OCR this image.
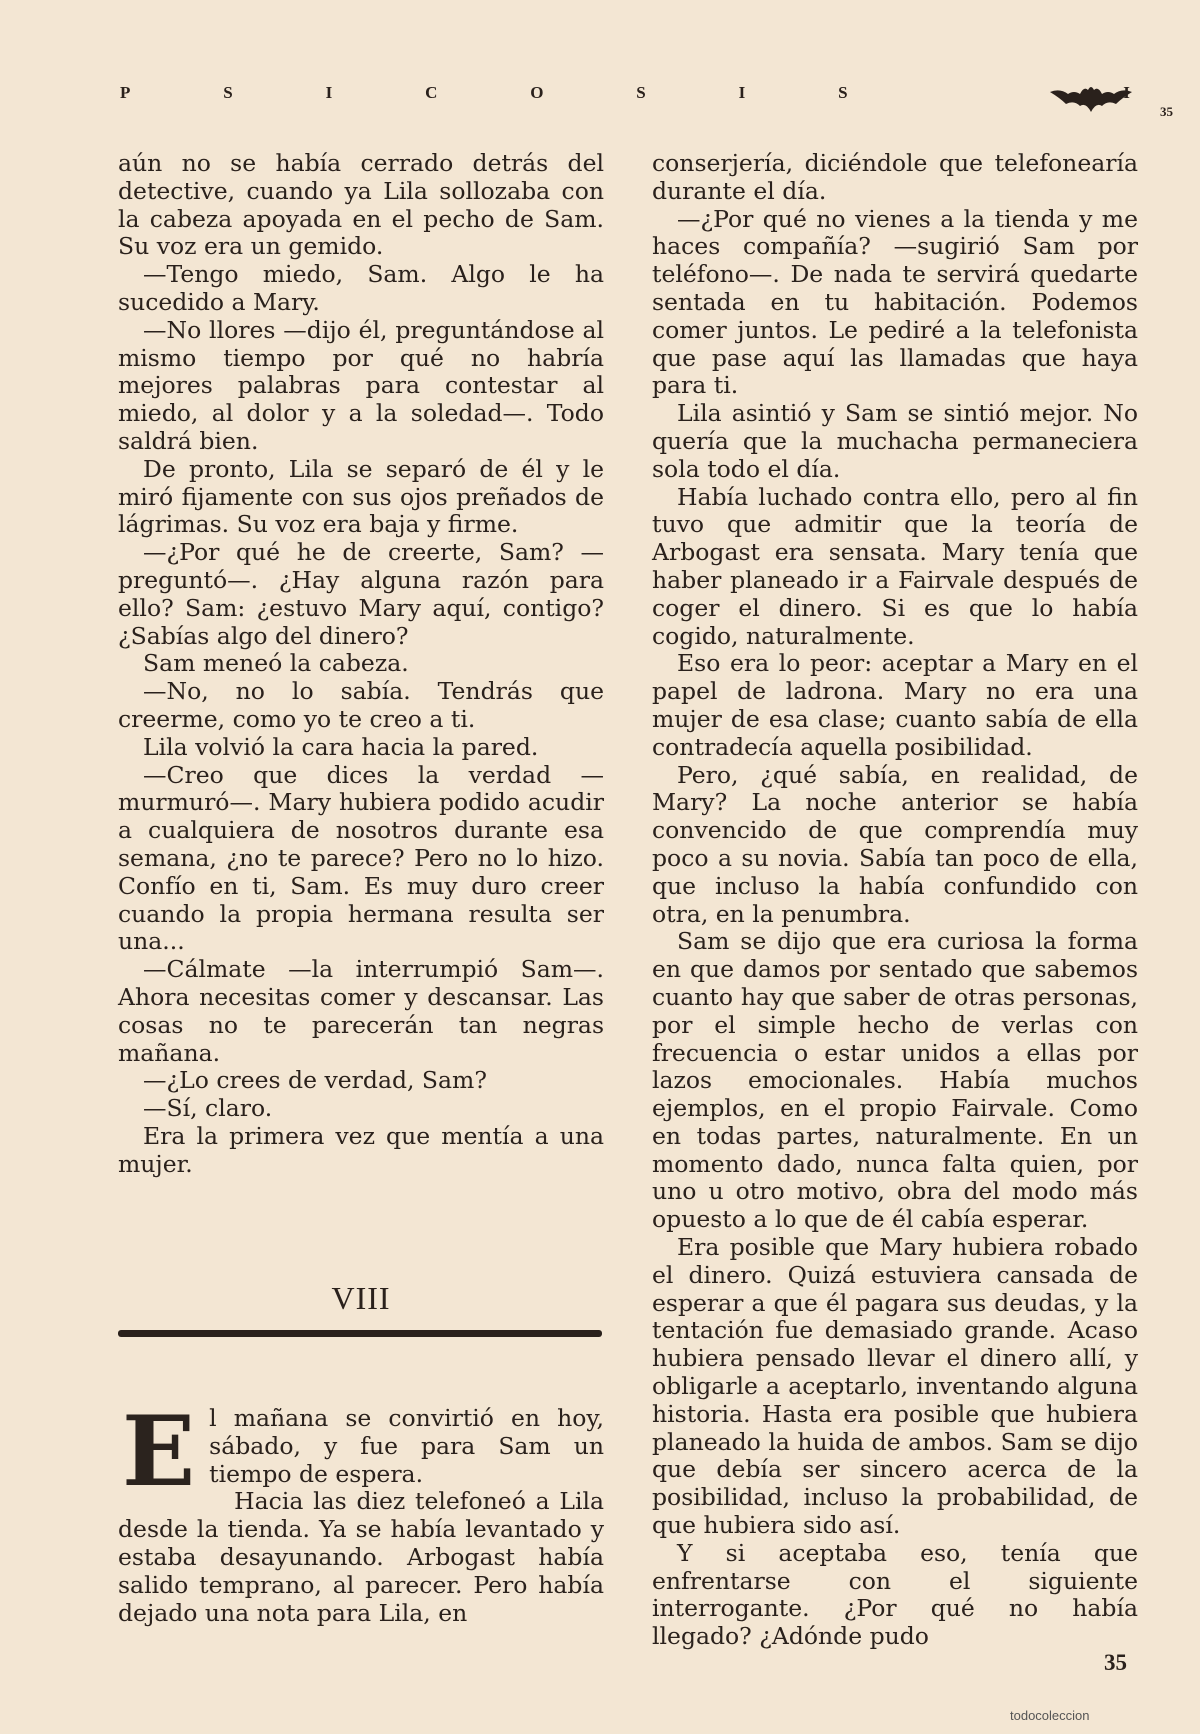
P	S	I	C	O	S	I	S
35

aún no se había cerrado detrás del detective, cuando ya Lila sollozaba con la cabeza apoyada en el pecho de Sam. Su voz era un gemido.

—Tengo miedo, Sam. Algo le ha sucedido a Mary.

—No llores —dijo él, preguntándose al mismo tiempo por qué no habría mejores palabras para contestar al miedo, al dolor y a la soledad—. Todo saldrá bien.

De pronto, Lila se separó de él y le miró fijamente con sus ojos preñados de lágrimas. Su voz era baja y firme.

—¿Por qué he de creerte, Sam? —preguntó—. ¿Hay alguna razón para ello? Sam: ¿estuvo Mary aquí, contigo? ¿Sabías algo del dinero?

Sam meneó la cabeza.

—No, no lo sabía. Tendrás que creerme, como yo te creo a ti.

Lila volvió la cara hacia la pared.

—Creo que dices la verdad —murmuró—. Mary hubiera podido acudir a cualquiera de nosotros durante esa semana, ¿no te parece? Pero no lo hizo. Confío en ti, Sam. Es muy duro creer cuando la propia hermana resulta ser una...

—Cálmate —la interrumpió Sam—. Ahora necesitas comer y descansar. Las cosas no te parecerán tan negras mañana.

—¿Lo crees de verdad, Sam?

—Sí, claro.

Era la primera vez que mentía a una mujer.

VIII
E l mañana se convirtió en hoy, sábado, y fue para Sam un tiempo de espera.

Hacia las diez telefoneó a Lila desde la tienda. Ya se había levantado y estaba desayunando. Arbogast había salido temprano, al parecer. Pero había dejado una nota para Lila, en

conserjería, diciéndole que telefonearía durante el día.

—¿Por qué no vienes a la tienda y me haces compañía? —sugirió Sam por teléfono—. De nada te servirá quedarte sentada en tu habitación. Podemos comer juntos. Le pediré a la telefonista que pase aquí las llamadas que haya para ti.

Lila asintió y Sam se sintió mejor. No quería que la muchacha permaneciera sola todo el día.

Había luchado contra ello, pero al fin tuvo que admitir que la teoría de Arbogast era sensata. Mary tenía que haber planeado ir a Fairvale después de coger el dinero. Si es que lo había cogido, naturalmente.

Eso era lo peor: aceptar a Mary en el papel de ladrona. Mary no era una mujer de esa clase; cuanto sabía de ella contradecía aquella posibilidad.

Pero, ¿qué sabía, en realidad, de Mary? La noche anterior se había convencido de que comprendía muy poco a su novia. Sabía tan poco de ella, que incluso la había confundido con otra, en la penumbra.

Sam se dijo que era curiosa la forma en que damos por sentado que sabemos cuanto hay que saber de otras personas, por el simple hecho de verlas con frecuencia o estar unidos a ellas por lazos emocionales. Había muchos ejemplos, en el propio Fairvale. Como en todas partes, naturalmente. En un momento dado, nunca falta quien, por uno u otro motivo, obra del modo más opuesto a lo que de él cabía esperar.

Era posible que Mary hubiera robado el dinero. Quizá estuviera cansada de esperar a que él pagara sus deudas, y la tentación fue demasiado grande. Acaso hubiera pensado llevar el dinero allí, y obligarle a aceptarlo, inventando alguna historia. Hasta era posible que hubiera planeado la huida de ambos. Sam se dijo que debía ser sincero acerca de la posibilidad, incluso la probabilidad, de que hubiera sido así.

Y si aceptaba eso, tenía que enfrentarse con el siguiente interrogante. ¿Por qué no había llegado? ¿Adónde pudo

35
todocoleccion
